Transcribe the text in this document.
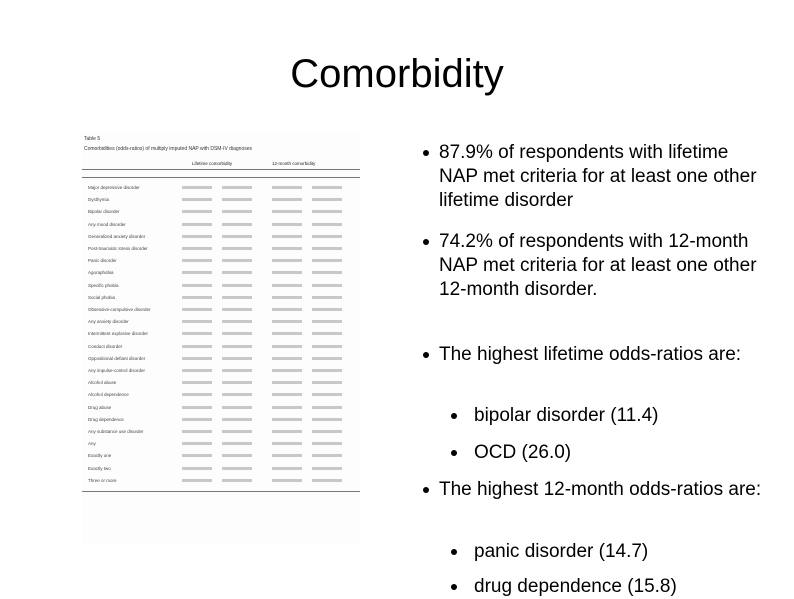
Comorbidity
Table 5
Comorbidities (odds-ratios) of multiply imputed NAP with DSM-IV diagnoses
Lifetime comorbidity	12-month comorbidity
Major depressive disorder
Dysthymia
Bipolar disorder
Any mood disorder
Generalized anxiety disorder
Post-traumatic stress disorder
Panic disorder
Agoraphobia
Specific phobia
Social phobia
Obsessive-compulsive disorder
Any anxiety disorder
Intermittent explosive disorder
Conduct disorder
Oppositional defiant disorder
Any impulse-control disorder
Alcohol abuse
Alcohol dependence
Drug abuse
Drug dependence
Any substance use disorder
Any
Exactly one
Exactly two
Three or more
87.9% of respondents with lifetime NAP met criteria for at least one other lifetime disorder
74.2% of respondents with 12-month NAP met criteria for at least one other 12-month disorder.
The highest lifetime odds-ratios are:
bipolar disorder (11.4)
OCD (26.0)
The highest 12-month odds-ratios are:
panic disorder (14.7)
drug dependence (15.8)
